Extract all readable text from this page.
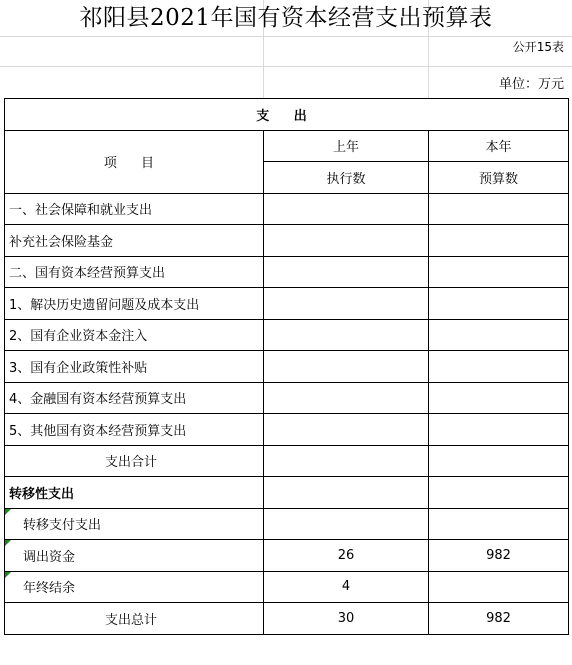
祁阳县2021年国有资本经营支出预算表
公开15表
单位：万元
支 出		
项 目	上年	本年
	执行数	预算数
一、社会保障和就业支出		
补充社会保险基金		
二、国有资本经营预算支出		
1、解决历史遗留问题及成本支出		
2、国有企业资本金注入		
3、国有企业政策性补贴		
4、金融国有资本经营预算支出		
5、其他国有资本经营预算支出		
支出合计		
转移性支出		
转移支付支出		
调出资金	26	982
年终结余	4	
支出总计	30	982
